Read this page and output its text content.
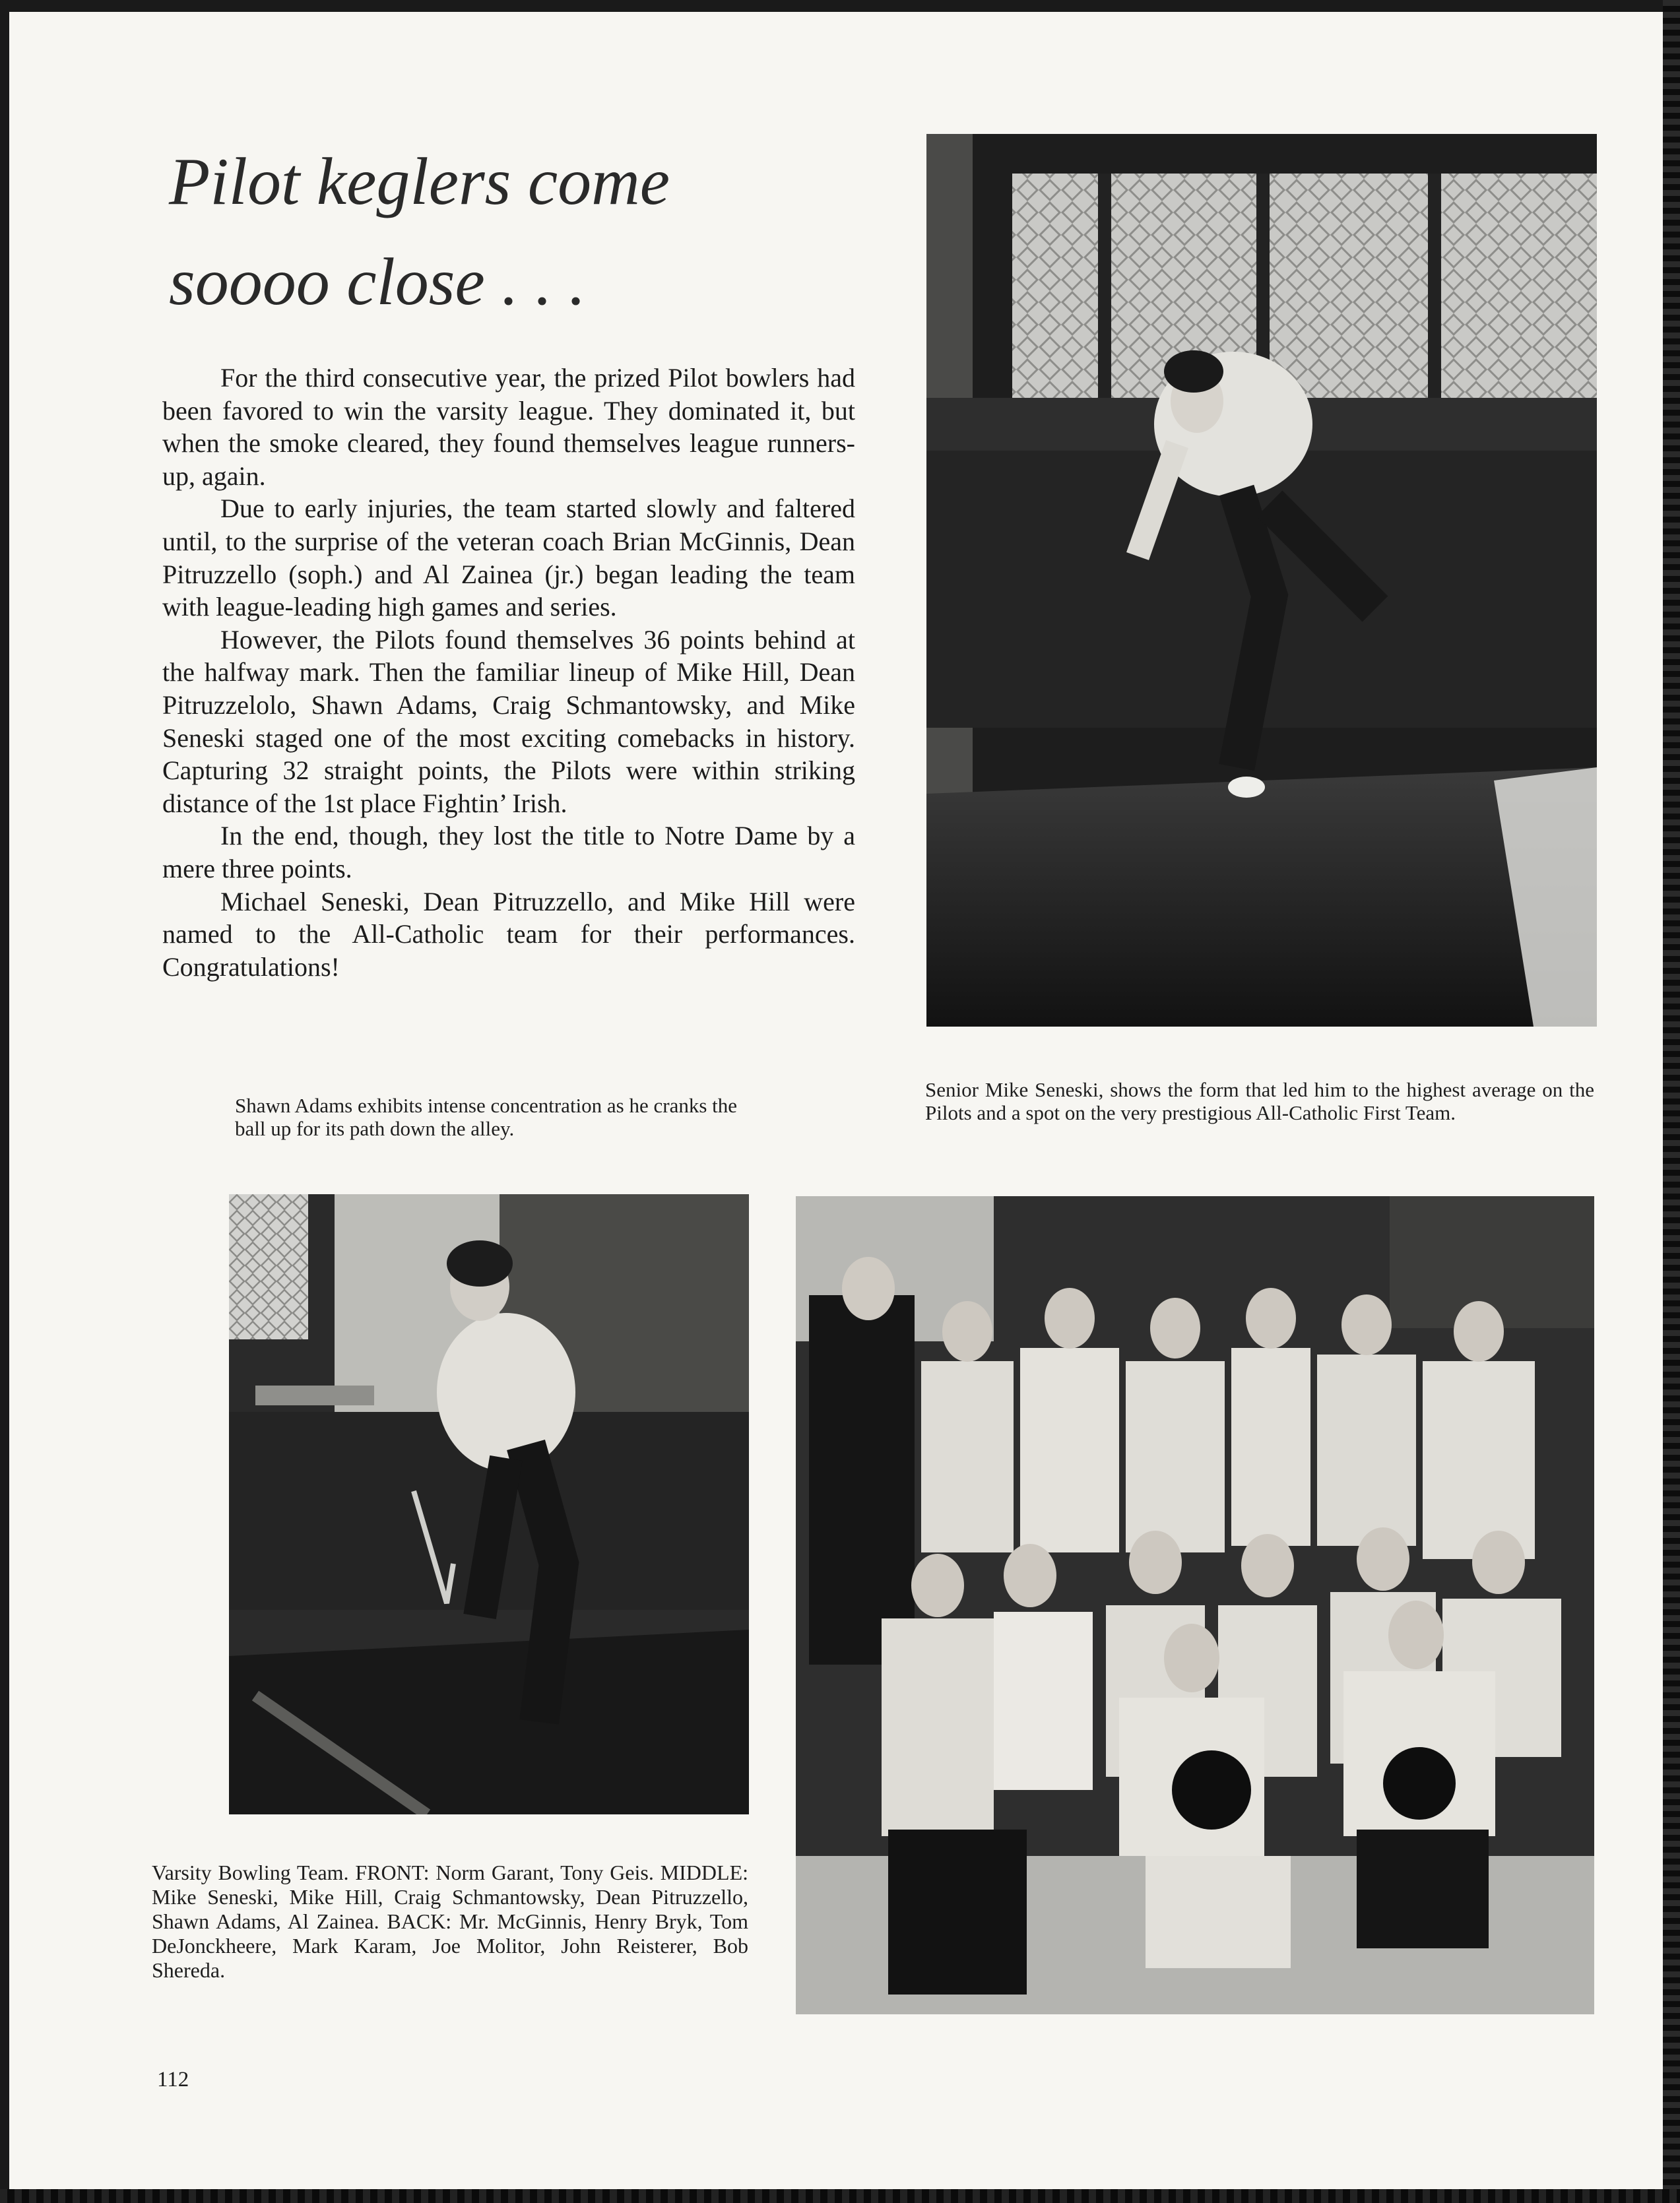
Pilot keglers come
soooo close . . .

For the third consecutive year, the prized Pilot bowlers had been favored to win the varsity league. They dominated it, but when the smoke cleared, they found themselves league runners-up, again.

Due to early injuries, the team started slowly and faltered until, to the surprise of the veteran coach Brian McGinnis, Dean Pitruzzello (soph.) and Al Zainea (jr.) began leading the team with league-leading high games and series.

However, the Pilots found themselves 36 points behind at the halfway mark. Then the familiar lineup of Mike Hill, Dean Pitruzzelolo, Shawn Adams, Craig Schmantowsky, and Mike Seneski staged one of the most exciting comebacks in history. Capturing 32 straight points, the Pilots were within striking distance of the 1st place Fightin’ Irish.

In the end, though, they lost the title to Notre Dame by a mere three points.

Michael Seneski, Dean Pitruzzello, and Mike Hill were named to the All-Catholic team for their performances. Congratulations!

Senior Mike Seneski, shows the form that led him to the highest average on the Pilots and a spot on the very prestigious All-Catholic First Team.
Shawn Adams exhibits intense concentration as he cranks the ball up for its path down the alley.
Varsity Bowling Team. FRONT: Norm Garant, Tony Geis. MIDDLE: Mike Seneski, Mike Hill, Craig Schmantowsky, Dean Pitruzzello, Shawn Adams, Al Zainea. BACK: Mr. McGinnis, Henry Bryk, Tom DeJonckheere, Mark Karam, Joe Molitor, John Reisterer, Bob Shereda.
112
